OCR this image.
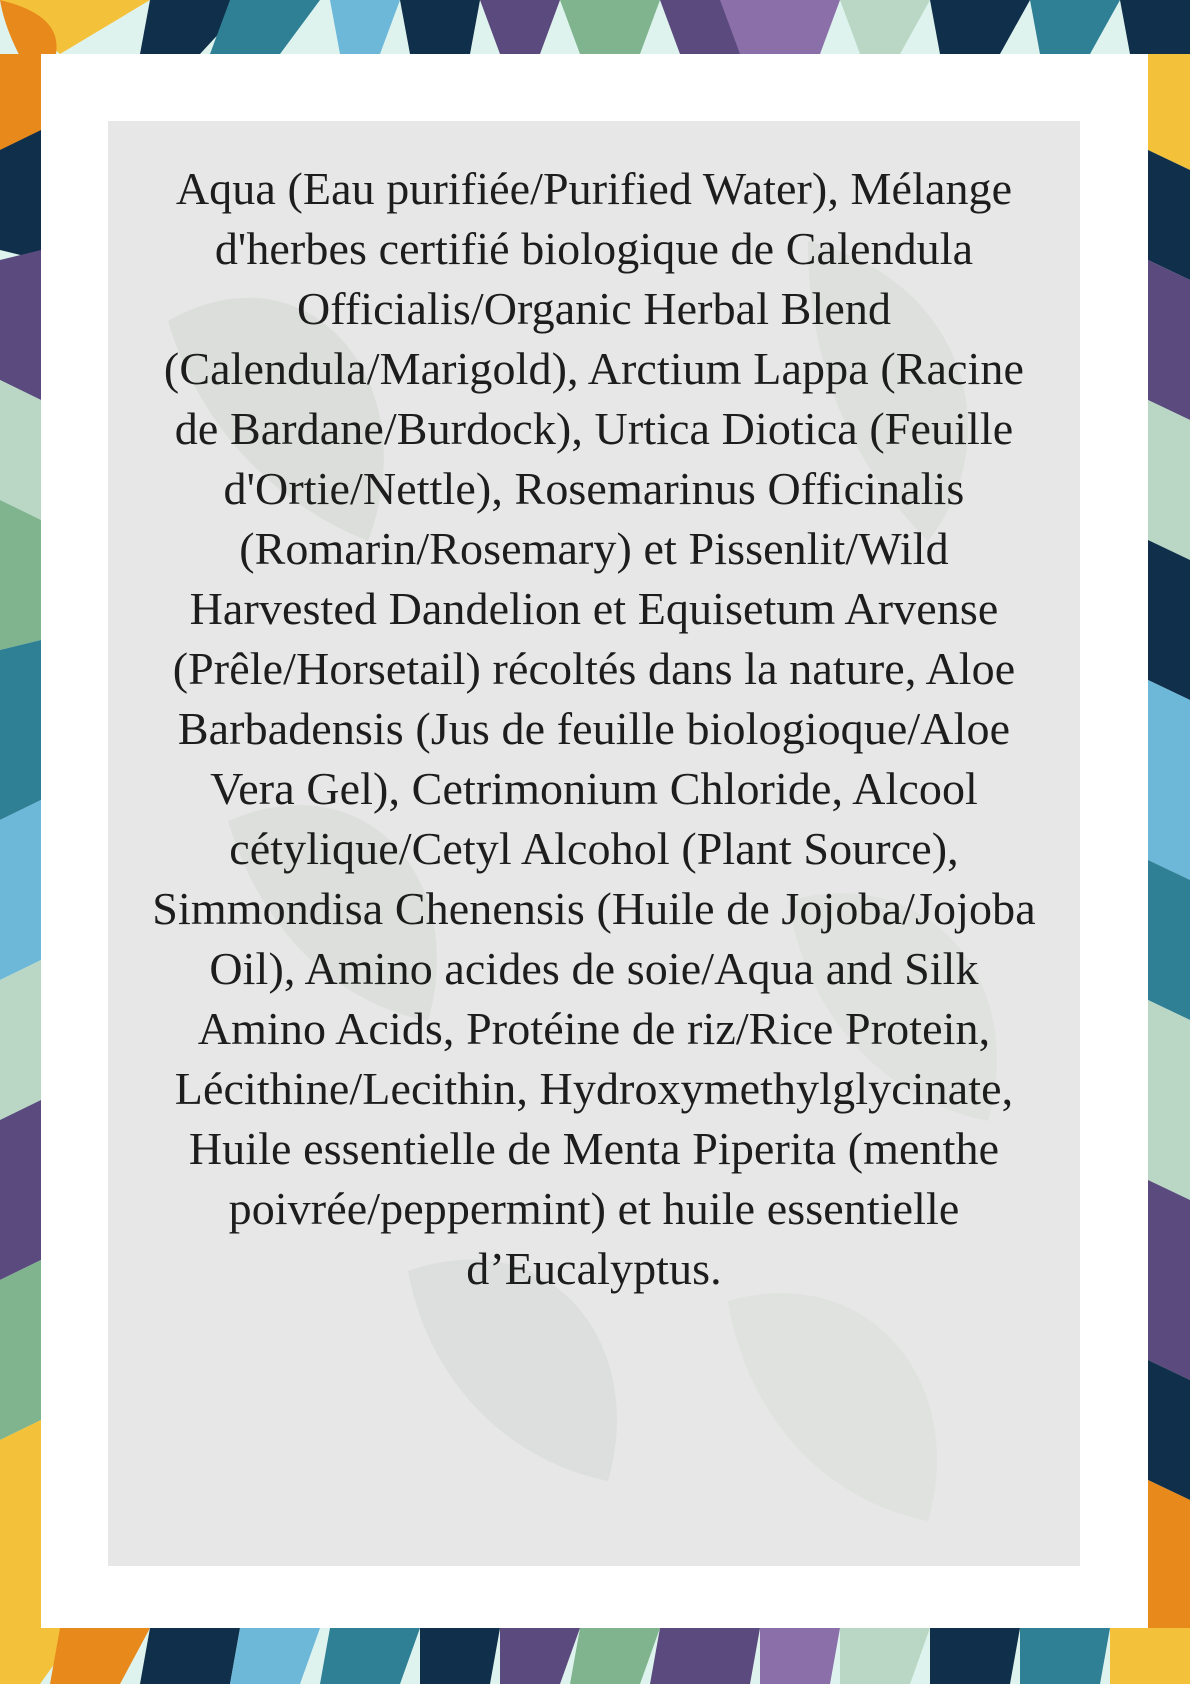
Aqua (Eau purifiée/Purified Water), Mélange d'herbes certifié biologique de Calendula Officialis/Organic Herbal Blend (Calendula/Marigold), Arctium Lappa (Racine de Bardane/Burdock), Urtica Diotica (Feuille d'Ortie/Nettle), Rosemarinus Officinalis (Romarin/Rosemary) et Pissenlit/Wild Harvested Dandelion et Equisetum Arvense (Prêle/Horsetail) récoltés dans la nature, Aloe Barbadensis (Jus de feuille biologioque/Aloe Vera Gel), Cetrimonium Chloride, Alcool cétylique/Cetyl Alcohol (Plant Source), Simmondisa Chenensis (Huile de Jojoba/Jojoba Oil), Amino acides de soie/Aqua and Silk Amino Acids, Protéine de riz/Rice Protein, Lécithine/Lecithin, Hydroxymethylglycinate, Huile essentielle de Menta Piperita (menthe poivrée/peppermint) et huile essentielle d’Eucalyptus.
